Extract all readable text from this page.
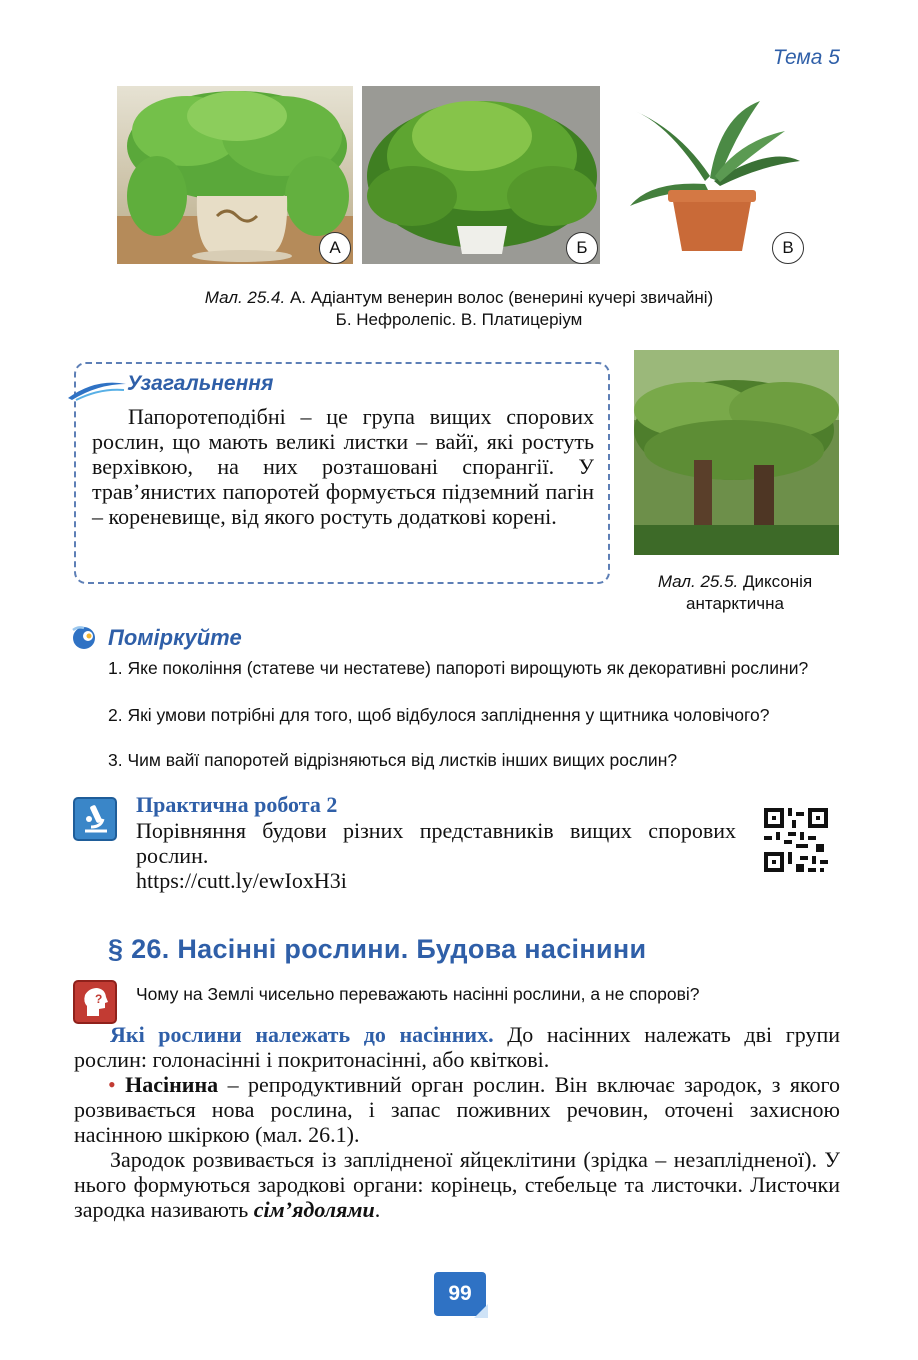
Тема 5
А	Б	В
Мал. 25.4. А. Адіантум венерин волос (венерині кучері звичайні)
Б. Нефролепіс. В. Платицеріум
Узагальнення
Папоротеподібні – це група вищих спорових рослин, що мають великі листки – вайї, які ростуть верхівкою, на них розташовані спорангії. У трав’янистих папоротей формується підземний пагін – кореневище, від якого ростуть додаткові корені.
Мал. 25.5. Диксонія
антарктична
Поміркуйте
1. Яке покоління (статеве чи нестатеве) папороті вирощують як декоративні рослини?
2. Які умови потрібні для того, щоб відбулося запліднення у щитника чоловічого?
3. Чим вайї папоротей відрізняються від листків інших вищих рослин?
Практична робота 2
Порівняння будови різних представників вищих спорових рослин.
https://cutt.ly/ewIoxH3i
§ 26. Насінні рослини. Будова насінини
? Чому на Землі чисельно переважають насінні рослини, а не спорові?
Які рослини належать до насінних. До насінних належать дві групи рослин: голонасінні і покритонасінні, або квіткові.
• Насінина – репродуктивний орган рослин. Він включає зародок, з якого розвивається нова рослина, і запас поживних речовин, оточені захисною насінною шкіркою (мал. 26.1).
Зародок розвивається із заплідненої яйцеклітини (зрідка – незаплідненої). У нього формуються зародкові органи: корінець, стебельце та листочки. Листочки зародка називають сім’ядолями.
99
